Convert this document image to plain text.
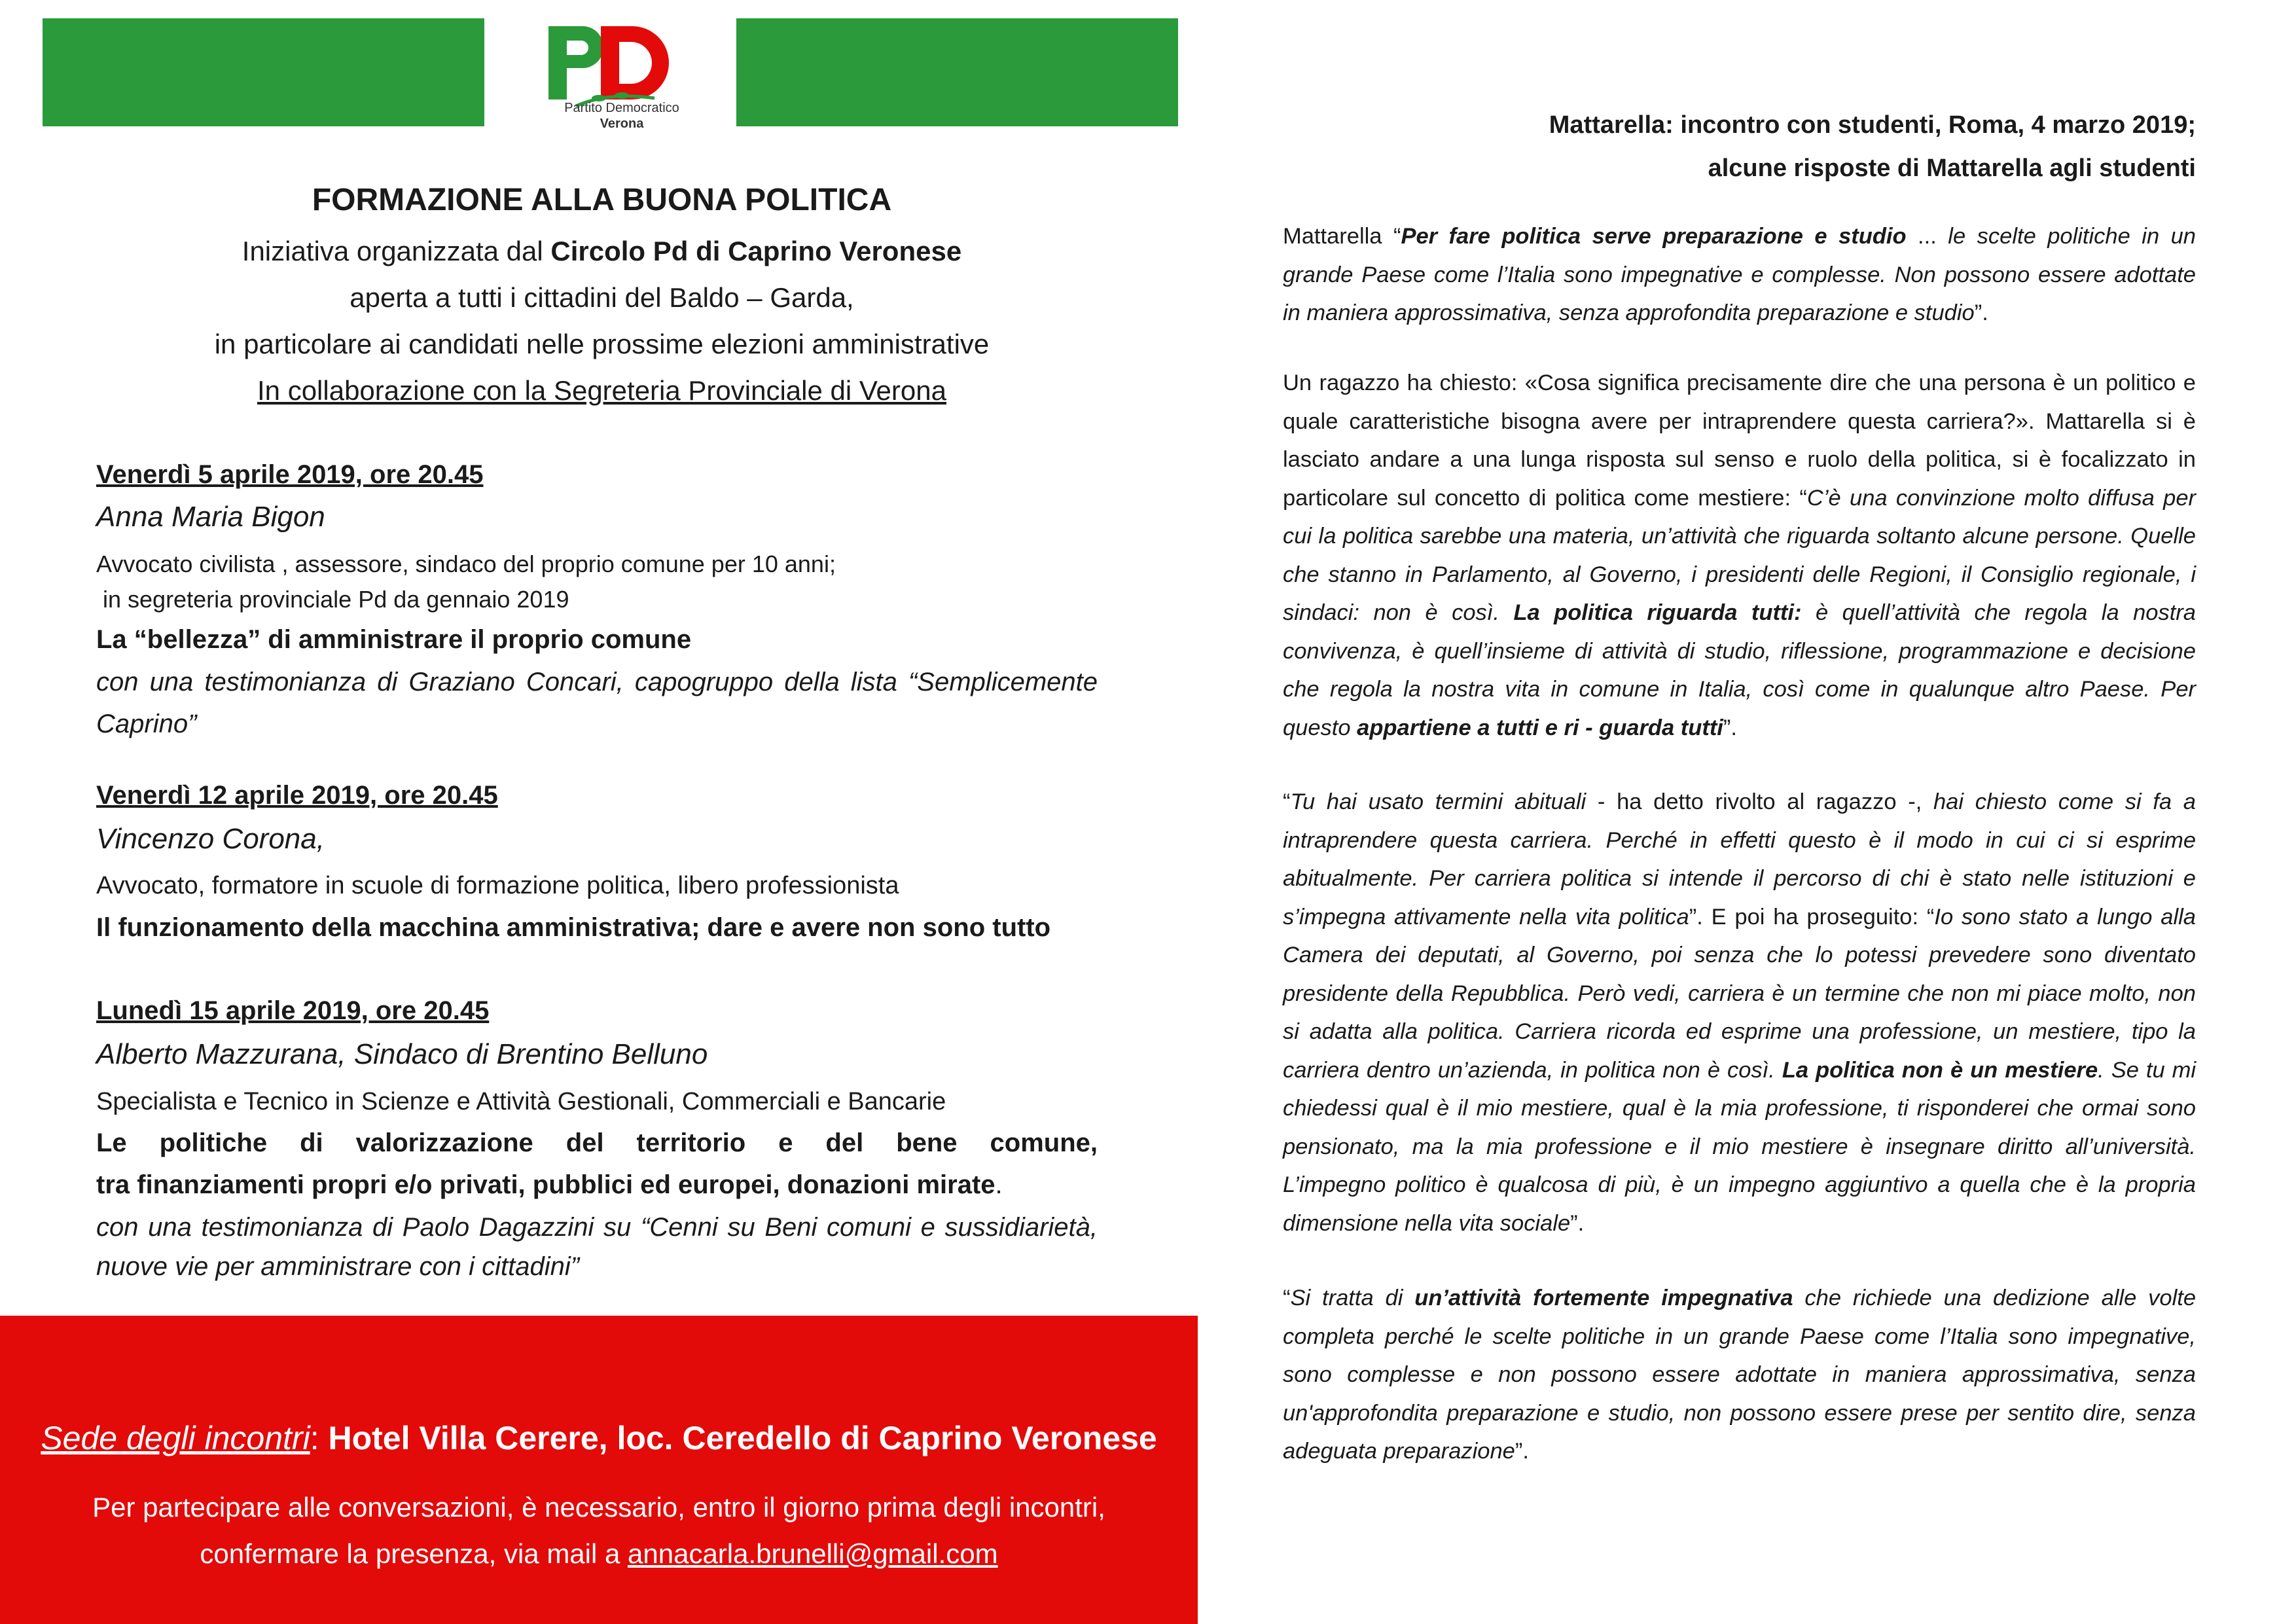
Partito Democratico
Verona
FORMAZIONE ALLA BUONA POLITICA
Iniziativa organizzata dal Circolo Pd di Caprino Veronese
aperta a tutti i cittadini del Baldo – Garda,
in particolare ai candidati nelle prossime elezioni amministrative
In collaborazione con la Segreteria Provinciale di Verona
Venerdì 5 aprile 2019, ore 20.45
Anna Maria Bigon
Avvocato civilista , assessore, sindaco del proprio comune per 10 anni;
in segreteria provinciale Pd da gennaio 2019
La “bellezza” di amministrare il proprio comune
con una testimonianza di Graziano Concari, capogruppo della lista “Semplicemente Caprino”
Venerdì 12 aprile 2019, ore 20.45
Vincenzo Corona,
Avvocato, formatore in scuole di formazione politica, libero professionista
Il funzionamento della macchina amministrativa; dare e avere non sono tutto
Lunedì 15 aprile 2019, ore 20.45
Alberto Mazzurana, Sindaco di Brentino Belluno
Specialista e Tecnico in Scienze e Attività Gestionali, Commerciali e Bancarie
Le politiche di valorizzazione del territorio e del bene comune,
tra finanziamenti propri e/o privati, pubblici ed europei, donazioni mirate.
con una testimonianza di Paolo Dagazzini su “Cenni su Beni comuni e sussidiarietà, nuove vie per amministrare con i cittadini”
Sede degli incontri: Hotel Villa Cerere, loc. Ceredello di Caprino Veronese
Per partecipare alle conversazioni, è necessario, entro il giorno prima degli incontri,
confermare la presenza, via mail a annacarla.brunelli@gmail.com
Mattarella: incontro con studenti, Roma, 4 marzo 2019;
alcune risposte di Mattarella agli studenti

Mattarella “Per fare politica serve preparazione e studio ... le scelte politiche in un grande Paese come l’Italia sono impegnative e complesse. Non possono essere adottate in maniera approssimativa, senza approfondita preparazione e studio”.

Un ragazzo ha chiesto: «Cosa significa precisamente dire che una persona è un politico e quale caratteristiche bisogna avere per intraprendere questa carriera?». Mattarella si è lasciato andare a una lunga risposta sul senso e ruolo della politica, si è focalizzato in particolare sul concetto di politica come mestiere: “C’è una convinzione molto diffusa per cui la politica sarebbe una materia, un’attività che riguarda soltanto alcune persone. Quelle che stanno in Parlamento, al Governo, i presidenti delle Regioni, il Consiglio regionale, i sindaci: non è così. La politica riguarda tutti: è quell’attività che regola la nostra convivenza, è quell’insieme di attività di studio, riflessione, programmazione e decisione che regola la nostra vita in comune in Italia, così come in qualunque altro Paese. Per questo appartiene a tutti e ri - guarda tutti”.

“Tu hai usato termini abituali - ha detto rivolto al ragazzo -, hai chiesto come si fa a intraprendere questa carriera. Perché in effetti questo è il modo in cui ci si esprime abitualmente. Per carriera politica si intende il percorso di chi è stato nelle istituzioni e s’impegna attivamente nella vita politica”. E poi ha proseguito: “Io sono stato a lungo alla Camera dei deputati, al Governo, poi senza che lo potessi prevedere sono diventato presidente della Repubblica. Però vedi, carriera è un termine che non mi piace molto, non si adatta alla politica. Carriera ricorda ed esprime una professione, un mestiere, tipo la carriera dentro un’azienda, in politica non è così. La politica non è un mestiere. Se tu mi chiedessi qual è il mio mestiere, qual è la mia professione, ti risponderei che ormai sono pensionato, ma la mia professione e il mio mestiere è insegnare diritto all’università. L’impegno politico è qualcosa di più, è un impegno aggiuntivo a quella che è la propria dimensione nella vita sociale”.

“Si tratta di un’attività fortemente impegnativa che richiede una dedizione alle volte completa perché le scelte politiche in un grande Paese come l’Italia sono impegnative, sono complesse e non possono essere adottate in maniera approssimativa, senza un'approfondita preparazione e studio, non possono essere prese per sentito dire, senza adeguata preparazione”.
